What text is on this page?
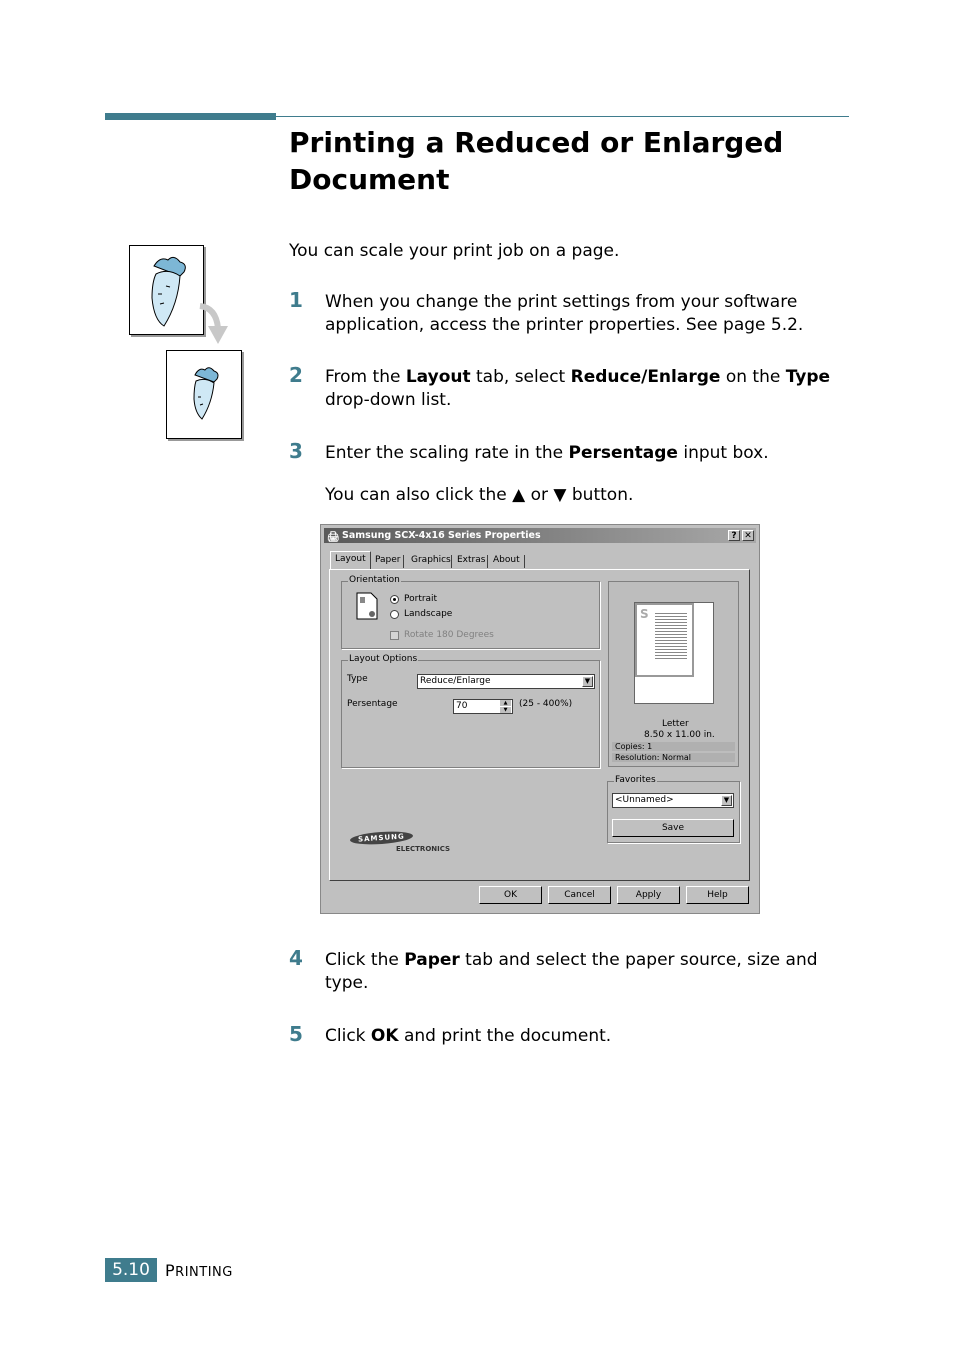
Printing a Reduced or Enlarged Document

You can scale your print job on a page.

1 When you change the print settings from your software application, access the printer properties. See page 5.2.

2 From the Layout tab, select Reduce/Enlarge on the Type drop-down list.

3 Enter the scaling rate in the Persentage input box.

You can also click the ▲ or ▼ button.
🖨 Samsung SCX-4x16 Series Properties	? ✕
Layout	Paper	Graphics Extras About
Orientation
Portrait
Landscape
Rotate 180 Degrees
Layout Options
Type	Reduce/Enlarge	▼
Persentage	70	▲
▼
(25 - 400%)
S
Letter
8.50 x 11.00 in.
Copies: 1
Resolution: Normal
Favorites
<Unnamed>	▼
Save
SAMSUNG
ELECTRONICS
OK	Cancel	Apply	Help
4 Click the Paper tab and select the paper source, size and type.

5 Click OK and print the document.

5.10 PRINTING
